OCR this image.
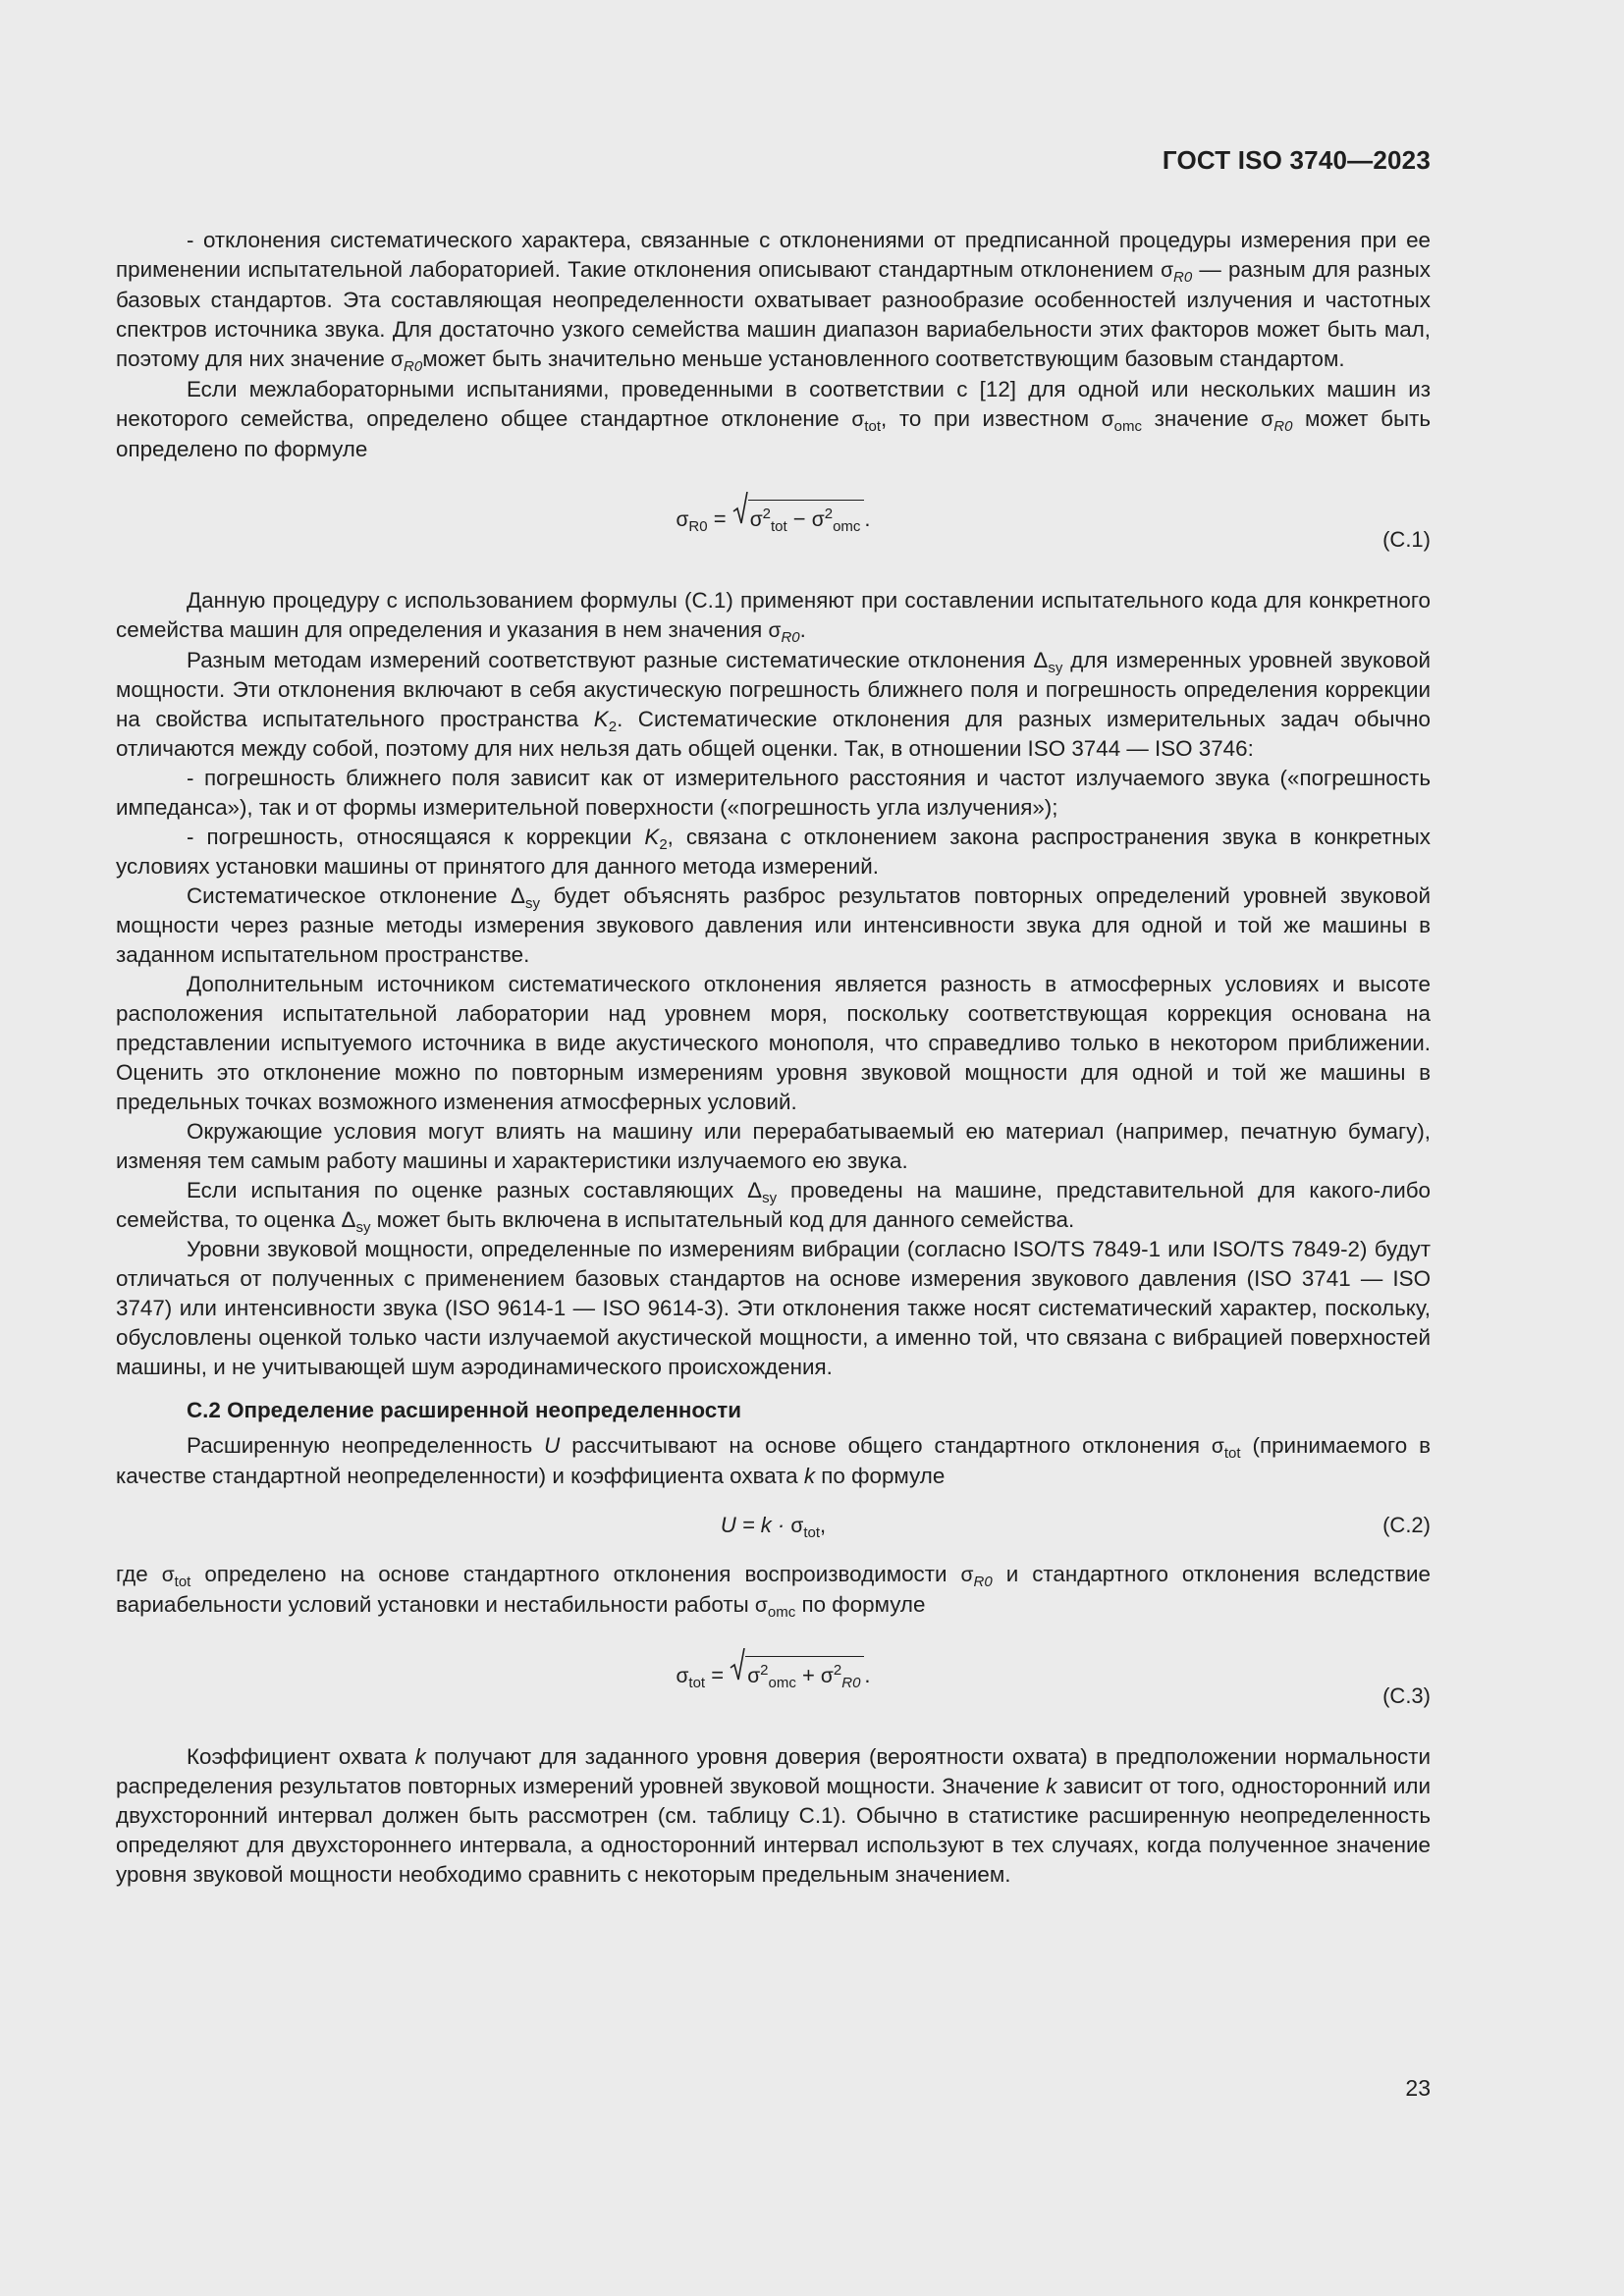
ГОСТ ISO 3740—2023

- отклонения систематического характера, связанные с отклонениями от предписанной процедуры измерения при ее применении испытательной лабораторией. Такие отклонения описывают стандартным отклонением $\sigma_{R0}$ — разным для разных базовых стандартов. Эта составляющая неопределенности охватывает разнообразие особенностей излучения и частотных спектров источника звука. Для достаточно узкого семейства машин диапазон вариабельности этих факторов может быть мал, поэтому для них значение $\sigma_{R0}может$ быть значительно меньше установленного соответствующим базовым стандартом.

Если межлабораторными испытаниями, проведенными в соответствии с [12] для одной или нескольких машин из некоторого семейства, определено общее стандартное отклонение $\sigma_{tot}$, то при известном $\sigma_{omc}$ значение $\sigma_{R0}$ может быть определено по формуле

$\sigma_{R0}$ =
$\sigma^2_{tot} - \sigma^2_{omc}$ .
(С.1)

Данную процедуру с использованием формулы (С.1) применяют при составлении испытательного кода для конкретного семейства машин для определения и указания в нем значения $\sigma_{R0}$.

Разным методам измерений соответствуют разные систематические отклонения $\Delta_{sy}$ для измеренных уровней звуковой мощности. Эти отклонения включают в себя акустическую погрешность ближнего поля и погрешность определения коррекции на свойства испытательного пространства $K_2$. Систематические отклонения для разных измерительных задач обычно отличаются между собой, поэтому для них нельзя дать общей оценки. Так, в отношении ISO 3744 — ISO 3746:

- погрешность ближнего поля зависит как от измерительного расстояния и частот излучаемого звука («погрешность импеданса»), так и от формы измерительной поверхности («погрешность угла излучения»);

- погрешность, относящаяся к коррекции $K_2$, связана с отклонением закона распространения звука в конкретных условиях установки машины от принятого для данного метода измерений.

Систематическое отклонение $\Delta_{sy}$ будет объяснять разброс результатов повторных определений уровней звуковой мощности через разные методы измерения звукового давления или интенсивности звука для одной и той же машины в заданном испытательном пространстве.

Дополнительным источником систематического отклонения является разность в атмосферных условиях и высоте расположения испытательной лаборатории над уровнем моря, поскольку соответствующая коррекция основана на представлении испытуемого источника в виде акустического монополя, что справедливо только в некотором приближении. Оценить это отклонение можно по повторным измерениям уровня звуковой мощности для одной и той же машины в предельных точках возможного изменения атмосферных условий.

Окружающие условия могут влиять на машину или перерабатываемый ею материал (например, печатную бумагу), изменяя тем самым работу машины и характеристики излучаемого ею звука.

Если испытания по оценке разных составляющих $\Delta_{sy}$ проведены на машине, представительной для какого-либо семейства, то оценка $\Delta_{sy}$ может быть включена в испытательный код для данного семейства.

Уровни звуковой мощности, определенные по измерениям вибрации (согласно ISO/TS 7849-1 или ISO/TS 7849-2) будут отличаться от полученных с применением базовых стандартов на основе измерения звукового давления (ISO 3741 — ISO 3747) или интенсивности звука (ISO 9614-1 — ISO 9614-3). Эти отклонения также носят систематический характер, поскольку, обусловлены оценкой только части излучаемой акустической мощности, а именно той, что связана с вибрацией поверхностей машины, и не учитывающей шум аэродинамического происхождения.

С.2 Определение расширенной неопределенности

Расширенную неопределенность U рассчитывают на основе общего стандартного отклонения $\sigma_{tot}$ (принимаемого в качестве стандартной неопределенности) и коэффициента охвата k по формуле

$U = k \cdot \sigma_{tot}$,	(С.2)

где $\sigma_{tot}$ определено на основе стандартного отклонения воспроизводимости $\sigma_{R0}$ и стандартного отклонения вследствие вариабельности условий установки и нестабильности работы $\sigma_{omc}$ по формуле

$\sigma_{tot}$ =
$\sigma^2_{omc} + \sigma^2_{R0}$ .
(С.3)

Коэффициент охвата k получают для заданного уровня доверия (вероятности охвата) в предположении нормальности распределения результатов повторных измерений уровней звуковой мощности. Значение k зависит от того, односторонний или двухсторонний интервал должен быть рассмотрен (см. таблицу С.1). Обычно в статистике расширенную неопределенность определяют для двухстороннего интервала, а односторонний интервал используют в тех случаях, когда полученное значение уровня звуковой мощности необходимо сравнить с некоторым предельным значением.

23
